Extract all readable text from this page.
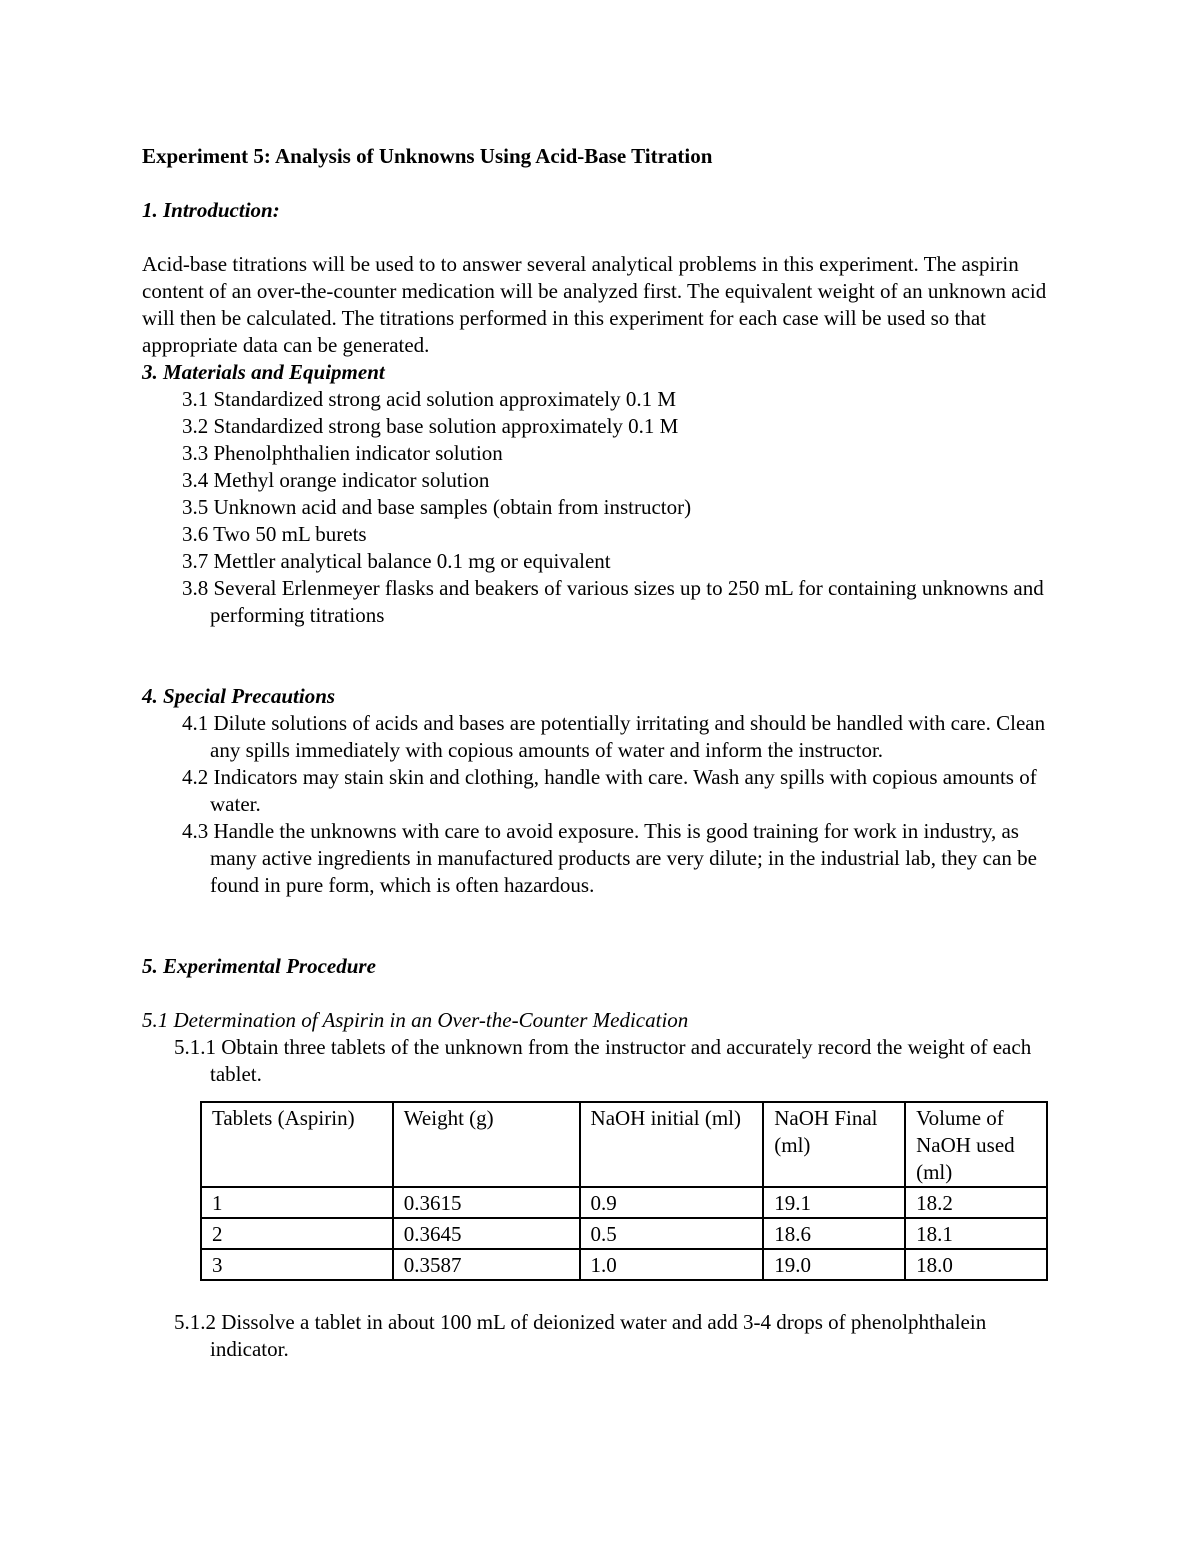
Experiment 5: Analysis of Unknowns Using Acid-Base Titration

1. Introduction:

Acid-base titrations will be used to to answer several analytical problems in this experiment. The aspirin content of an over-the-counter medication will be analyzed first. The equivalent weight of an unknown acid will then be calculated. The titrations performed in this experiment for each case will be used so that appropriate data can be generated.

3. Materials and Equipment

3.1 Standardized strong acid solution approximately 0.1 M
3.2 Standardized strong base solution approximately 0.1 M
3.3 Phenolphthalien indicator solution
3.4 Methyl orange indicator solution
3.5 Unknown acid and base samples (obtain from instructor)
3.6 Two 50 mL burets
3.7 Mettler analytical balance 0.1 mg or equivalent
3.8 Several Erlenmeyer flasks and beakers of various sizes up to 250 mL for containing unknowns and performing titrations

4. Special Precautions

4.1 Dilute solutions of acids and bases are potentially irritating and should be handled with care. Clean any spills immediately with copious amounts of water and inform the instructor.
4.2 Indicators may stain skin and clothing, handle with care. Wash any spills with copious amounts of water.
4.3 Handle the unknowns with care to avoid exposure. This is good training for work in industry, as many active ingredients in manufactured products are very dilute; in the industrial lab, they can be found in pure form, which is often hazardous.

5. Experimental Procedure

5.1 Determination of Aspirin in an Over-the-Counter Medication

5.1.1 Obtain three tablets of the unknown from the instructor and accurately record the weight of each tablet.
Tablets (Aspirin)	Weight (g)	NaOH initial (ml)	NaOH Final (ml)	Volume of NaOH used (ml)
1	0.3615	0.9	19.1	18.2
2	0.3645	0.5	18.6	18.1
3	0.3587	1.0	19.0	18.0
5.1.2 Dissolve a tablet in about 100 mL of deionized water and add 3-4 drops of phenolphthalein indicator.
